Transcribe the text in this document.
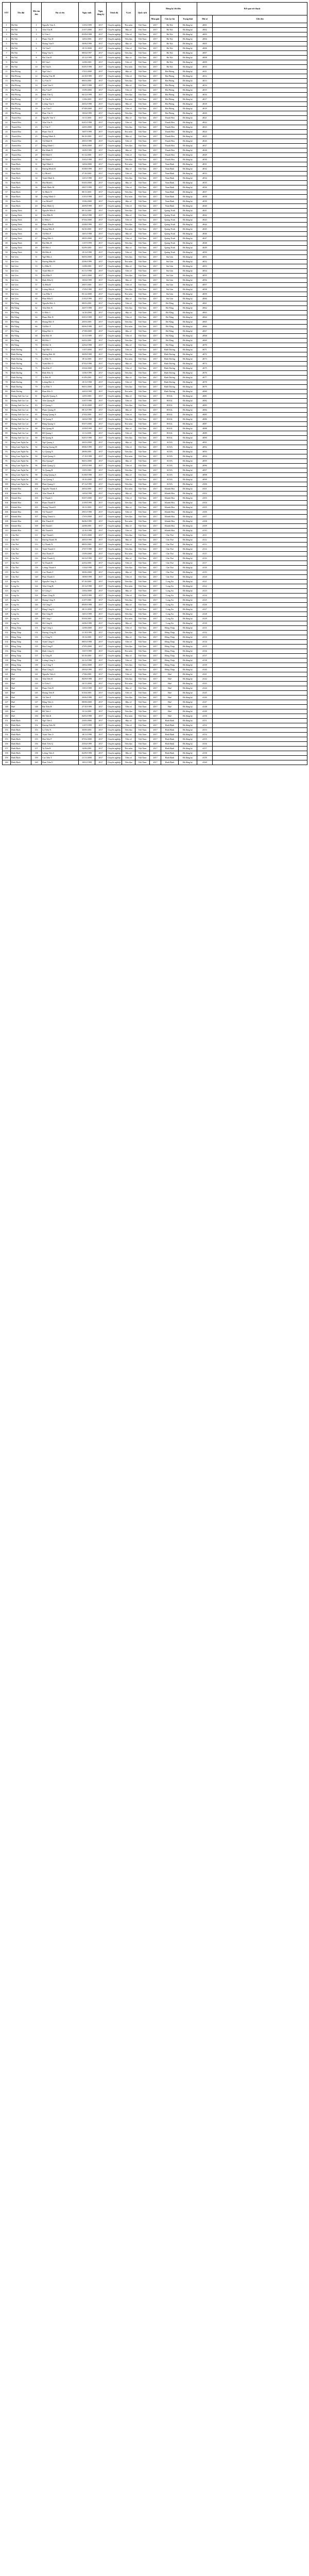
STT	Tên đội	Mã cầu thủ	Họ và tên	Ngày sinh	Ngày đăng ký	Trình độ	Vị trí	Quốc tịch	Đăng ký thi đấu			Kết quả xét duyệt	
									Mùa giải	Câu lạc bộ	Trạng thái	Mã số	Ghi chú
1	Hà Nội	1	Nguyễn Văn A	11/03/1999	2017	Chuyên nghiệp	Thủ môn	Việt Nam	2017	Hà Nội	Đã đăng ký	#001	
2	Hà Nội	2	Trần Văn B	21/07/2000	2017	Chuyên nghiệp	Hậu vệ	Việt Nam	2017	Hà Nội	Đã đăng ký	#002	
3	Hà Nội	3	Lê Văn C	05/09/1998	2017	Chuyên nghiệp	Tiền vệ	Việt Nam	2017	Hà Nội	Đã đăng ký	#003	
4	Hà Nội	4	Phạm Văn D	14/02/2001	2017	Chuyên nghiệp	Tiền đạo	Việt Nam	2017	Hà Nội	Đã đăng ký	#004	
5	Hà Nội	5	Hoàng Văn E	30/06/1999	2017	Chuyên nghiệp	Hậu vệ	Việt Nam	2017	Hà Nội	Đã đăng ký	#005	
6	Hà Nội	6	Vũ Văn F	19/11/2000	2017	Chuyên nghiệp	Tiền vệ	Việt Nam	2017	Hà Nội	Đã đăng ký	#006	
7	Hà Nội	7	Đặng Văn G	08/04/1997	2017	Chuyên nghiệp	Tiền đạo	Việt Nam	2017	Hà Nội	Đã đăng ký	#007	
8	Hà Nội	8	Bùi Văn H	25/12/1999	2017	Chuyên nghiệp	Hậu vệ	Việt Nam	2017	Hà Nội	Đã đăng ký	#008	
9	Hà Nội	9	Đỗ Văn I	12/08/2001	2017	Chuyên nghiệp	Tiền vệ	Việt Nam	2017	Hà Nội	Đã đăng ký	#009	
10	Hà Nội	10	Hồ Văn K	03/05/1998	2017	Chuyên nghiệp	Thủ môn	Việt Nam	2017	Hà Nội	Đã đăng ký	#010	
11	Hải Phòng	11	Ngô Văn L	17/01/2000	2017	Chuyên nghiệp	Hậu vệ	Việt Nam	2017	Hải Phòng	Đã đăng ký	#011	
12	Hải Phòng	12	Dương Văn M	22/10/1999	2017	Chuyên nghiệp	Tiền vệ	Việt Nam	2017	Hải Phòng	Đã đăng ký	#012	
13	Hải Phòng	13	Lý Văn N	09/03/2001	2017	Chuyên nghiệp	Tiền đạo	Việt Nam	2017	Hải Phòng	Đã đăng ký	#013	
14	Hải Phòng	14	Trịnh Văn O	28/07/1998	2017	Chuyên nghiệp	Hậu vệ	Việt Nam	2017	Hải Phòng	Đã đăng ký	#014	
15	Hải Phòng	15	Mai Văn P	15/09/2000	2017	Chuyên nghiệp	Tiền vệ	Việt Nam	2017	Hải Phòng	Đã đăng ký	#015	
16	Hải Phòng	16	Đinh Văn Q	04/12/1999	2017	Chuyên nghiệp	Tiền đạo	Việt Nam	2017	Hải Phòng	Đã đăng ký	#016	
17	Hải Phòng	17	Tạ Văn R	11/06/2001	2017	Chuyên nghiệp	Thủ môn	Việt Nam	2017	Hải Phòng	Đã đăng ký	#017	
18	Hải Phòng	18	Lương Văn S	26/02/1998	2017	Chuyên nghiệp	Hậu vệ	Việt Nam	2017	Hải Phòng	Đã đăng ký	#018	
19	Hải Phòng	19	Cao Văn T	07/08/2000	2017	Chuyên nghiệp	Tiền vệ	Việt Nam	2017	Hải Phòng	Đã đăng ký	#019	
20	Hải Phòng	20	Phan Văn U	19/04/1999	2017	Chuyên nghiệp	Tiền đạo	Việt Nam	2017	Hải Phòng	Đã đăng ký	#020	
21	Thanh Hóa	21	Nguyễn Văn V	13/11/2001	2017	Chuyên nghiệp	Hậu vệ	Việt Nam	2017	Thanh Hóa	Đã đăng ký	#021	
22	Thanh Hóa	22	Trần Văn X	02/01/1998	2017	Chuyên nghiệp	Tiền vệ	Việt Nam	2017	Thanh Hóa	Đã đăng ký	#022	
23	Thanh Hóa	23	Lê Văn Y	24/05/2000	2017	Chuyên nghiệp	Tiền đạo	Việt Nam	2017	Thanh Hóa	Đã đăng ký	#023	
24	Thanh Hóa	24	Phạm Văn Z	16/07/1999	2017	Chuyên nghiệp	Thủ môn	Việt Nam	2017	Thanh Hóa	Đã đăng ký	#024	
25	Thanh Hóa	25	Hoàng Minh A	06/10/2001	2017	Chuyên nghiệp	Hậu vệ	Việt Nam	2017	Thanh Hóa	Đã đăng ký	#025	
26	Thanh Hóa	26	Vũ Minh B	29/03/1998	2017	Chuyên nghiệp	Tiền vệ	Việt Nam	2017	Thanh Hóa	Đã đăng ký	#026	
27	Thanh Hóa	27	Đặng Minh C	18/06/2000	2017	Chuyên nghiệp	Tiền đạo	Việt Nam	2017	Thanh Hóa	Đã đăng ký	#027	
28	Thanh Hóa	28	Bùi Minh D	10/09/1999	2017	Chuyên nghiệp	Hậu vệ	Việt Nam	2017	Thanh Hóa	Đã đăng ký	#028	
29	Thanh Hóa	29	Đỗ Minh E	01/12/2001	2017	Chuyên nghiệp	Tiền vệ	Việt Nam	2017	Thanh Hóa	Đã đăng ký	#029	
30	Thanh Hóa	30	Hồ Minh F	23/02/1998	2017	Chuyên nghiệp	Tiền đạo	Việt Nam	2017	Thanh Hóa	Đã đăng ký	#030	
31	Nam Định	31	Ngô Minh G	14/04/2000	2017	Chuyên nghiệp	Thủ môn	Việt Nam	2017	Nam Định	Đã đăng ký	#031	
32	Nam Định	32	Dương Minh H	05/08/1999	2017	Chuyên nghiệp	Hậu vệ	Việt Nam	2017	Nam Định	Đã đăng ký	#032	
33	Nam Định	33	Lý Minh I	27/10/2001	2017	Chuyên nghiệp	Tiền vệ	Việt Nam	2017	Nam Định	Đã đăng ký	#033	
34	Nam Định	34	Trịnh Minh K	12/01/1998	2017	Chuyên nghiệp	Tiền đạo	Việt Nam	2017	Nam Định	Đã đăng ký	#034	
35	Nam Định	35	Mai Minh L	03/05/2000	2017	Chuyên nghiệp	Hậu vệ	Việt Nam	2017	Nam Định	Đã đăng ký	#035	
36	Nam Định	36	Đinh Minh M	20/07/1999	2017	Chuyên nghiệp	Tiền vệ	Việt Nam	2017	Nam Định	Đã đăng ký	#036	
37	Nam Định	37	Tạ Minh N	08/11/2001	2017	Chuyên nghiệp	Tiền đạo	Việt Nam	2017	Nam Định	Đã đăng ký	#037	
38	Nam Định	38	Lương Minh O	31/03/1998	2017	Chuyên nghiệp	Thủ môn	Việt Nam	2017	Nam Định	Đã đăng ký	#038	
39	Nam Định	39	Cao Minh P	15/06/2000	2017	Chuyên nghiệp	Hậu vệ	Việt Nam	2017	Nam Định	Đã đăng ký	#039	
40	Nam Định	40	Phan Minh Q	26/09/1999	2017	Chuyên nghiệp	Tiền vệ	Việt Nam	2017	Nam Định	Đã đăng ký	#040	
41	Quảng Ninh	41	Nguyễn Hữu A	09/12/2001	2017	Chuyên nghiệp	Tiền đạo	Việt Nam	2017	Quảng Ninh	Đã đăng ký	#041	
42	Quảng Ninh	42	Trần Hữu B	18/02/1998	2017	Chuyên nghiệp	Hậu vệ	Việt Nam	2017	Quảng Ninh	Đã đăng ký	#042	
43	Quảng Ninh	43	Lê Hữu C	07/04/2000	2017	Chuyên nghiệp	Tiền vệ	Việt Nam	2017	Quảng Ninh	Đã đăng ký	#043	
44	Quảng Ninh	44	Phạm Hữu D	22/08/1999	2017	Chuyên nghiệp	Tiền đạo	Việt Nam	2017	Quảng Ninh	Đã đăng ký	#044	
45	Quảng Ninh	45	Hoàng Hữu E	04/10/2001	2017	Chuyên nghiệp	Thủ môn	Việt Nam	2017	Quảng Ninh	Đã đăng ký	#045	
46	Quảng Ninh	46	Vũ Hữu F	16/01/1998	2017	Chuyên nghiệp	Hậu vệ	Việt Nam	2017	Quảng Ninh	Đã đăng ký	#046	
47	Quảng Ninh	47	Đặng Hữu G	28/05/2000	2017	Chuyên nghiệp	Tiền vệ	Việt Nam	2017	Quảng Ninh	Đã đăng ký	#047	
48	Quảng Ninh	48	Bùi Hữu H	11/07/1999	2017	Chuyên nghiệp	Tiền đạo	Việt Nam	2017	Quảng Ninh	Đã đăng ký	#048	
49	Quảng Ninh	49	Đỗ Hữu I	02/09/2001	2017	Chuyên nghiệp	Hậu vệ	Việt Nam	2017	Quảng Ninh	Đã đăng ký	#049	
50	Quảng Ninh	50	Hồ Hữu K	19/12/1998	2017	Chuyên nghiệp	Tiền vệ	Việt Nam	2017	Quảng Ninh	Đã đăng ký	#050	
51	Sài Gòn	51	Ngô Hữu L	06/03/2000	2017	Chuyên nghiệp	Tiền đạo	Việt Nam	2017	Sài Gòn	Đã đăng ký	#051	
52	Sài Gòn	52	Dương Hữu M	25/06/1999	2017	Chuyên nghiệp	Thủ môn	Việt Nam	2017	Sài Gòn	Đã đăng ký	#052	
53	Sài Gòn	53	Lý Hữu N	13/08/2001	2017	Chuyên nghiệp	Hậu vệ	Việt Nam	2017	Sài Gòn	Đã đăng ký	#053	
54	Sài Gòn	54	Trịnh Hữu O	01/11/1998	2017	Chuyên nghiệp	Tiền vệ	Việt Nam	2017	Sài Gòn	Đã đăng ký	#054	
55	Sài Gòn	55	Mai Hữu P	24/01/2000	2017	Chuyên nghiệp	Tiền đạo	Việt Nam	2017	Sài Gòn	Đã đăng ký	#055	
56	Sài Gòn	56	Đinh Hữu Q	10/04/1999	2017	Chuyên nghiệp	Hậu vệ	Việt Nam	2017	Sài Gòn	Đã đăng ký	#056	
57	Sài Gòn	57	Tạ Hữu R	29/07/2001	2017	Chuyên nghiệp	Tiền vệ	Việt Nam	2017	Sài Gòn	Đã đăng ký	#057	
58	Sài Gòn	58	Lương Hữu S	17/09/1998	2017	Chuyên nghiệp	Tiền đạo	Việt Nam	2017	Sài Gòn	Đã đăng ký	#058	
59	Sài Gòn	59	Cao Hữu T	05/12/2000	2017	Chuyên nghiệp	Thủ môn	Việt Nam	2017	Sài Gòn	Đã đăng ký	#059	
60	Sài Gòn	60	Phan Hữu U	21/02/1999	2017	Chuyên nghiệp	Hậu vệ	Việt Nam	2017	Sài Gòn	Đã đăng ký	#060	
61	Đà Nẵng	61	Nguyễn Đức A	08/05/2001	2017	Chuyên nghiệp	Tiền vệ	Việt Nam	2017	Đà Nẵng	Đã đăng ký	#061	
62	Đà Nẵng	62	Trần Đức B	26/07/1998	2017	Chuyên nghiệp	Tiền đạo	Việt Nam	2017	Đà Nẵng	Đã đăng ký	#062	
63	Đà Nẵng	63	Lê Đức C	14/10/2000	2017	Chuyên nghiệp	Hậu vệ	Việt Nam	2017	Đà Nẵng	Đã đăng ký	#063	
64	Đà Nẵng	64	Phạm Đức D	03/01/1999	2017	Chuyên nghiệp	Tiền vệ	Việt Nam	2017	Đà Nẵng	Đã đăng ký	#064	
65	Đà Nẵng	65	Hoàng Đức E	20/03/2001	2017	Chuyên nghiệp	Tiền đạo	Việt Nam	2017	Đà Nẵng	Đã đăng ký	#065	
66	Đà Nẵng	66	Vũ Đức F	09/06/1998	2017	Chuyên nghiệp	Thủ môn	Việt Nam	2017	Đà Nẵng	Đã đăng ký	#066	
67	Đà Nẵng	67	Đặng Đức G	27/08/2000	2017	Chuyên nghiệp	Hậu vệ	Việt Nam	2017	Đà Nẵng	Đã đăng ký	#067	
68	Đà Nẵng	68	Bùi Đức H	15/11/1999	2017	Chuyên nghiệp	Tiền vệ	Việt Nam	2017	Đà Nẵng	Đã đăng ký	#068	
69	Đà Nẵng	69	Đỗ Đức I	04/02/2001	2017	Chuyên nghiệp	Tiền đạo	Việt Nam	2017	Đà Nẵng	Đã đăng ký	#069	
70	Đà Nẵng	70	Hồ Đức K	22/04/1998	2017	Chuyên nghiệp	Hậu vệ	Việt Nam	2017	Đà Nẵng	Đã đăng ký	#070	
71	Bình Dương	71	Ngô Đức L	11/07/2000	2017	Chuyên nghiệp	Tiền vệ	Việt Nam	2017	Bình Dương	Đã đăng ký	#071	
72	Bình Dương	72	Dương Đức M	30/09/1999	2017	Chuyên nghiệp	Tiền đạo	Việt Nam	2017	Bình Dương	Đã đăng ký	#072	
73	Bình Dương	73	Lý Đức N	18/12/2001	2017	Chuyên nghiệp	Thủ môn	Việt Nam	2017	Bình Dương	Đã đăng ký	#073	
74	Bình Dương	74	Trịnh Đức O	07/02/1998	2017	Chuyên nghiệp	Hậu vệ	Việt Nam	2017	Bình Dương	Đã đăng ký	#074	
75	Bình Dương	75	Mai Đức P	25/04/2000	2017	Chuyên nghiệp	Tiền vệ	Việt Nam	2017	Bình Dương	Đã đăng ký	#075	
76	Bình Dương	76	Đinh Đức Q	13/06/1999	2017	Chuyên nghiệp	Tiền đạo	Việt Nam	2017	Bình Dương	Đã đăng ký	#076	
77	Bình Dương	77	Tạ Đức R	01/09/2001	2017	Chuyên nghiệp	Hậu vệ	Việt Nam	2017	Bình Dương	Đã đăng ký	#077	
78	Bình Dương	78	Lương Đức S	19/11/1998	2017	Chuyên nghiệp	Tiền vệ	Việt Nam	2017	Bình Dương	Đã đăng ký	#078	
79	Bình Dương	79	Cao Đức T	06/01/2000	2017	Chuyên nghiệp	Tiền đạo	Việt Nam	2017	Bình Dương	Đã đăng ký	#079	
80	Bình Dương	80	Phan Đức U	24/03/1999	2017	Chuyên nghiệp	Thủ môn	Việt Nam	2017	Bình Dương	Đã đăng ký	#080	
81	Hoàng Anh Gia Lai	81	Nguyễn Quang A	12/05/2001	2017	Chuyên nghiệp	Hậu vệ	Việt Nam	2017	HAGL	Đã đăng ký	#081	
82	Hoàng Anh Gia Lai	82	Trần Quang B	31/07/1998	2017	Chuyên nghiệp	Tiền vệ	Việt Nam	2017	HAGL	Đã đăng ký	#082	
83	Hoàng Anh Gia Lai	83	Lê Quang C	19/10/2000	2017	Chuyên nghiệp	Tiền đạo	Việt Nam	2017	HAGL	Đã đăng ký	#083	
84	Hoàng Anh Gia Lai	84	Phạm Quang D	08/12/1999	2017	Chuyên nghiệp	Hậu vệ	Việt Nam	2017	HAGL	Đã đăng ký	#084	
85	Hoàng Anh Gia Lai	85	Hoàng Quang E	27/02/2001	2017	Chuyên nghiệp	Tiền vệ	Việt Nam	2017	HAGL	Đã đăng ký	#085	
86	Hoàng Anh Gia Lai	86	Vũ Quang F	16/04/1998	2017	Chuyên nghiệp	Tiền đạo	Việt Nam	2017	HAGL	Đã đăng ký	#086	
87	Hoàng Anh Gia Lai	87	Đặng Quang G	05/07/2000	2017	Chuyên nghiệp	Thủ môn	Việt Nam	2017	HAGL	Đã đăng ký	#087	
88	Hoàng Anh Gia Lai	88	Bùi Quang H	23/09/1999	2017	Chuyên nghiệp	Hậu vệ	Việt Nam	2017	HAGL	Đã đăng ký	#088	
89	Hoàng Anh Gia Lai	89	Đỗ Quang I	11/11/2001	2017	Chuyên nghiệp	Tiền vệ	Việt Nam	2017	HAGL	Đã đăng ký	#089	
90	Hoàng Anh Gia Lai	90	Hồ Quang K	02/01/1998	2017	Chuyên nghiệp	Tiền đạo	Việt Nam	2017	HAGL	Đã đăng ký	#090	
91	Sông Lam Nghệ An	91	Ngô Quang L	20/03/2000	2017	Chuyên nghiệp	Hậu vệ	Việt Nam	2017	SLNA	Đã đăng ký	#091	
92	Sông Lam Nghệ An	92	Dương Quang M	09/06/1999	2017	Chuyên nghiệp	Tiền vệ	Việt Nam	2017	SLNA	Đã đăng ký	#092	
93	Sông Lam Nghệ An	93	Lý Quang N	28/08/2001	2017	Chuyên nghiệp	Tiền đạo	Việt Nam	2017	SLNA	Đã đăng ký	#093	
94	Sông Lam Nghệ An	94	Trịnh Quang O	17/10/1998	2017	Chuyên nghiệp	Thủ môn	Việt Nam	2017	SLNA	Đã đăng ký	#094	
95	Sông Lam Nghệ An	95	Mai Quang P	06/01/2000	2017	Chuyên nghiệp	Hậu vệ	Việt Nam	2017	SLNA	Đã đăng ký	#095	
96	Sông Lam Nghệ An	96	Đinh Quang Q	25/03/1999	2017	Chuyên nghiệp	Tiền vệ	Việt Nam	2017	SLNA	Đã đăng ký	#096	
97	Sông Lam Nghệ An	97	Tạ Quang R	13/05/2001	2017	Chuyên nghiệp	Tiền đạo	Việt Nam	2017	SLNA	Đã đăng ký	#097	
98	Sông Lam Nghệ An	98	Lương Quang S	01/08/1998	2017	Chuyên nghiệp	Hậu vệ	Việt Nam	2017	SLNA	Đã đăng ký	#098	
99	Sông Lam Nghệ An	99	Cao Quang T	19/10/2000	2017	Chuyên nghiệp	Tiền vệ	Việt Nam	2017	SLNA	Đã đăng ký	#099	
100	Sông Lam Nghệ An	100	Phan Quang U	07/12/1999	2017	Chuyên nghiệp	Tiền đạo	Việt Nam	2017	SLNA	Đã đăng ký	#100	
101	Khánh Hòa	101	Nguyễn Thanh A	26/02/2001	2017	Chuyên nghiệp	Thủ môn	Việt Nam	2017	Khánh Hòa	Đã đăng ký	#101	
102	Khánh Hòa	102	Trần Thanh B	14/04/1998	2017	Chuyên nghiệp	Hậu vệ	Việt Nam	2017	Khánh Hòa	Đã đăng ký	#102	
103	Khánh Hòa	103	Lê Thanh C	03/07/2000	2017	Chuyên nghiệp	Tiền vệ	Việt Nam	2017	Khánh Hòa	Đã đăng ký	#103	
104	Khánh Hòa	104	Phạm Thanh D	21/09/1999	2017	Chuyên nghiệp	Tiền đạo	Việt Nam	2017	Khánh Hòa	Đã đăng ký	#104	
105	Khánh Hòa	105	Hoàng Thanh E	10/11/2001	2017	Chuyên nghiệp	Hậu vệ	Việt Nam	2017	Khánh Hòa	Đã đăng ký	#105	
106	Khánh Hòa	106	Vũ Thanh F	29/01/1998	2017	Chuyên nghiệp	Tiền vệ	Việt Nam	2017	Khánh Hòa	Đã đăng ký	#106	
107	Khánh Hòa	107	Đặng Thanh G	17/03/2000	2017	Chuyên nghiệp	Tiền đạo	Việt Nam	2017	Khánh Hòa	Đã đăng ký	#107	
108	Khánh Hòa	108	Bùi Thanh H	06/06/1999	2017	Chuyên nghiệp	Thủ môn	Việt Nam	2017	Khánh Hòa	Đã đăng ký	#108	
109	Khánh Hòa	109	Đỗ Thanh I	24/08/2001	2017	Chuyên nghiệp	Hậu vệ	Việt Nam	2017	Khánh Hòa	Đã đăng ký	#109	
110	Khánh Hòa	110	Hồ Thanh K	12/10/1998	2017	Chuyên nghiệp	Tiền vệ	Việt Nam	2017	Khánh Hòa	Đã đăng ký	#110	
111	Cần Thơ	111	Ngô Thanh L	01/01/2000	2017	Chuyên nghiệp	Tiền đạo	Việt Nam	2017	Cần Thơ	Đã đăng ký	#111	
112	Cần Thơ	112	Dương Thanh M	20/03/1999	2017	Chuyên nghiệp	Hậu vệ	Việt Nam	2017	Cần Thơ	Đã đăng ký	#112	
113	Cần Thơ	113	Lý Thanh N	08/05/2001	2017	Chuyên nghiệp	Tiền vệ	Việt Nam	2017	Cần Thơ	Đã đăng ký	#113	
114	Cần Thơ	114	Trịnh Thanh O	27/07/1998	2017	Chuyên nghiệp	Tiền đạo	Việt Nam	2017	Cần Thơ	Đã đăng ký	#114	
115	Cần Thơ	115	Mai Thanh P	15/09/2000	2017	Chuyên nghiệp	Thủ môn	Việt Nam	2017	Cần Thơ	Đã đăng ký	#115	
116	Cần Thơ	116	Đinh Thanh Q	04/12/1999	2017	Chuyên nghiệp	Hậu vệ	Việt Nam	2017	Cần Thơ	Đã đăng ký	#116	
117	Cần Thơ	117	Tạ Thanh R	22/02/2001	2017	Chuyên nghiệp	Tiền vệ	Việt Nam	2017	Cần Thơ	Đã đăng ký	#117	
118	Cần Thơ	118	Lương Thanh S	11/04/1998	2017	Chuyên nghiệp	Tiền đạo	Việt Nam	2017	Cần Thơ	Đã đăng ký	#118	
119	Cần Thơ	119	Cao Thanh T	30/06/2000	2017	Chuyên nghiệp	Hậu vệ	Việt Nam	2017	Cần Thơ	Đã đăng ký	#119	
120	Cần Thơ	120	Phan Thanh U	18/08/1999	2017	Chuyên nghiệp	Tiền vệ	Việt Nam	2017	Cần Thơ	Đã đăng ký	#120	
121	Long An	121	Nguyễn Công A	07/10/2001	2017	Chuyên nghiệp	Tiền đạo	Việt Nam	2017	Long An	Đã đăng ký	#121	
122	Long An	122	Trần Công B	25/12/1998	2017	Chuyên nghiệp	Thủ môn	Việt Nam	2017	Long An	Đã đăng ký	#122	
123	Long An	123	Lê Công C	13/02/2000	2017	Chuyên nghiệp	Hậu vệ	Việt Nam	2017	Long An	Đã đăng ký	#123	
124	Long An	124	Phạm Công D	02/05/1999	2017	Chuyên nghiệp	Tiền vệ	Việt Nam	2017	Long An	Đã đăng ký	#124	
125	Long An	125	Hoàng Công E	21/07/2001	2017	Chuyên nghiệp	Tiền đạo	Việt Nam	2017	Long An	Đã đăng ký	#125	
126	Long An	126	Vũ Công F	09/09/1998	2017	Chuyên nghiệp	Hậu vệ	Việt Nam	2017	Long An	Đã đăng ký	#126	
127	Long An	127	Đặng Công G	28/11/2000	2017	Chuyên nghiệp	Tiền vệ	Việt Nam	2017	Long An	Đã đăng ký	#127	
128	Long An	128	Bùi Công H	16/01/1999	2017	Chuyên nghiệp	Tiền đạo	Việt Nam	2017	Long An	Đã đăng ký	#128	
129	Long An	129	Đỗ Công I	05/04/2001	2017	Chuyên nghiệp	Thủ môn	Việt Nam	2017	Long An	Đã đăng ký	#129	
130	Long An	130	Hồ Công K	24/06/1998	2017	Chuyên nghiệp	Hậu vệ	Việt Nam	2017	Long An	Đã đăng ký	#130	
131	Đồng Tháp	131	Ngô Công L	12/08/2000	2017	Chuyên nghiệp	Tiền vệ	Việt Nam	2017	Đồng Tháp	Đã đăng ký	#131	
132	Đồng Tháp	132	Dương Công M	31/10/1999	2017	Chuyên nghiệp	Tiền đạo	Việt Nam	2017	Đồng Tháp	Đã đăng ký	#132	
133	Đồng Tháp	133	Lý Công N	19/12/2001	2017	Chuyên nghiệp	Hậu vệ	Việt Nam	2017	Đồng Tháp	Đã đăng ký	#133	
134	Đồng Tháp	134	Trịnh Công O	08/03/1998	2017	Chuyên nghiệp	Tiền vệ	Việt Nam	2017	Đồng Tháp	Đã đăng ký	#134	
135	Đồng Tháp	135	Mai Công P	27/05/2000	2017	Chuyên nghiệp	Tiền đạo	Việt Nam	2017	Đồng Tháp	Đã đăng ký	#135	
136	Đồng Tháp	136	Đinh Công Q	15/07/1999	2017	Chuyên nghiệp	Thủ môn	Việt Nam	2017	Đồng Tháp	Đã đăng ký	#136	
137	Đồng Tháp	137	Tạ Công R	03/10/2001	2017	Chuyên nghiệp	Hậu vệ	Việt Nam	2017	Đồng Tháp	Đã đăng ký	#137	
138	Đồng Tháp	138	Lương Công S	22/12/1998	2017	Chuyên nghiệp	Tiền vệ	Việt Nam	2017	Đồng Tháp	Đã đăng ký	#138	
139	Đồng Tháp	139	Cao Công T	10/02/2000	2017	Chuyên nghiệp	Tiền đạo	Việt Nam	2017	Đồng Tháp	Đã đăng ký	#139	
140	Đồng Tháp	140	Phan Công U	29/04/1999	2017	Chuyên nghiệp	Hậu vệ	Việt Nam	2017	Đồng Tháp	Đã đăng ký	#140	
141	Huế	141	Nguyễn Tiến A	17/06/2001	2017	Chuyên nghiệp	Tiền vệ	Việt Nam	2017	Huế	Đã đăng ký	#141	
142	Huế	142	Trần Tiến B	06/09/1998	2017	Chuyên nghiệp	Tiền đạo	Việt Nam	2017	Huế	Đã đăng ký	#142	
143	Huế	143	Lê Tiến C	24/11/2000	2017	Chuyên nghiệp	Thủ môn	Việt Nam	2017	Huế	Đã đăng ký	#143	
144	Huế	144	Phạm Tiến D	13/01/1999	2017	Chuyên nghiệp	Hậu vệ	Việt Nam	2017	Huế	Đã đăng ký	#144	
145	Huế	145	Hoàng Tiến E	01/04/2001	2017	Chuyên nghiệp	Tiền vệ	Việt Nam	2017	Huế	Đã đăng ký	#145	
146	Huế	146	Vũ Tiến F	20/06/1998	2017	Chuyên nghiệp	Tiền đạo	Việt Nam	2017	Huế	Đã đăng ký	#146	
147	Huế	147	Đặng Tiến G	08/08/2000	2017	Chuyên nghiệp	Hậu vệ	Việt Nam	2017	Huế	Đã đăng ký	#147	
148	Huế	148	Bùi Tiến H	27/10/1999	2017	Chuyên nghiệp	Tiền vệ	Việt Nam	2017	Huế	Đã đăng ký	#148	
149	Huế	149	Đỗ Tiến I	15/12/2001	2017	Chuyên nghiệp	Tiền đạo	Việt Nam	2017	Huế	Đã đăng ký	#149	
150	Huế	150	Hồ Tiến K	04/03/1998	2017	Chuyên nghiệp	Thủ môn	Việt Nam	2017	Huế	Đã đăng ký	#150	
151	Bình Định	151	Ngô Tiến L	23/05/2000	2017	Chuyên nghiệp	Hậu vệ	Việt Nam	2017	Bình Định	Đã đăng ký	#151	
152	Bình Định	152	Dương Tiến M	11/07/1999	2017	Chuyên nghiệp	Tiền vệ	Việt Nam	2017	Bình Định	Đã đăng ký	#152	
153	Bình Định	153	Lý Tiến N	30/09/2001	2017	Chuyên nghiệp	Tiền đạo	Việt Nam	2017	Bình Định	Đã đăng ký	#153	
154	Bình Định	154	Trịnh Tiến O	18/11/1998	2017	Chuyên nghiệp	Hậu vệ	Việt Nam	2017	Bình Định	Đã đăng ký	#154	
155	Bình Định	155	Mai Tiến P	07/02/2000	2017	Chuyên nghiệp	Tiền vệ	Việt Nam	2017	Bình Định	Đã đăng ký	#155	
156	Bình Định	156	Đinh Tiến Q	25/04/1999	2017	Chuyên nghiệp	Tiền đạo	Việt Nam	2017	Bình Định	Đã đăng ký	#156	
157	Bình Định	157	Tạ Tiến R	14/06/2001	2017	Chuyên nghiệp	Thủ môn	Việt Nam	2017	Bình Định	Đã đăng ký	#157	
158	Bình Định	158	Lương Tiến S	02/09/1998	2017	Chuyên nghiệp	Hậu vệ	Việt Nam	2017	Bình Định	Đã đăng ký	#158	
159	Bình Định	159	Cao Tiến T	21/11/2000	2017	Chuyên nghiệp	Tiền vệ	Việt Nam	2017	Bình Định	Đã đăng ký	#159	
160	Bình Định	160	Phan Tiến U	10/01/1999	2017	Chuyên nghiệp	Tiền đạo	Việt Nam	2017	Bình Định	Đã đăng ký	#160	
